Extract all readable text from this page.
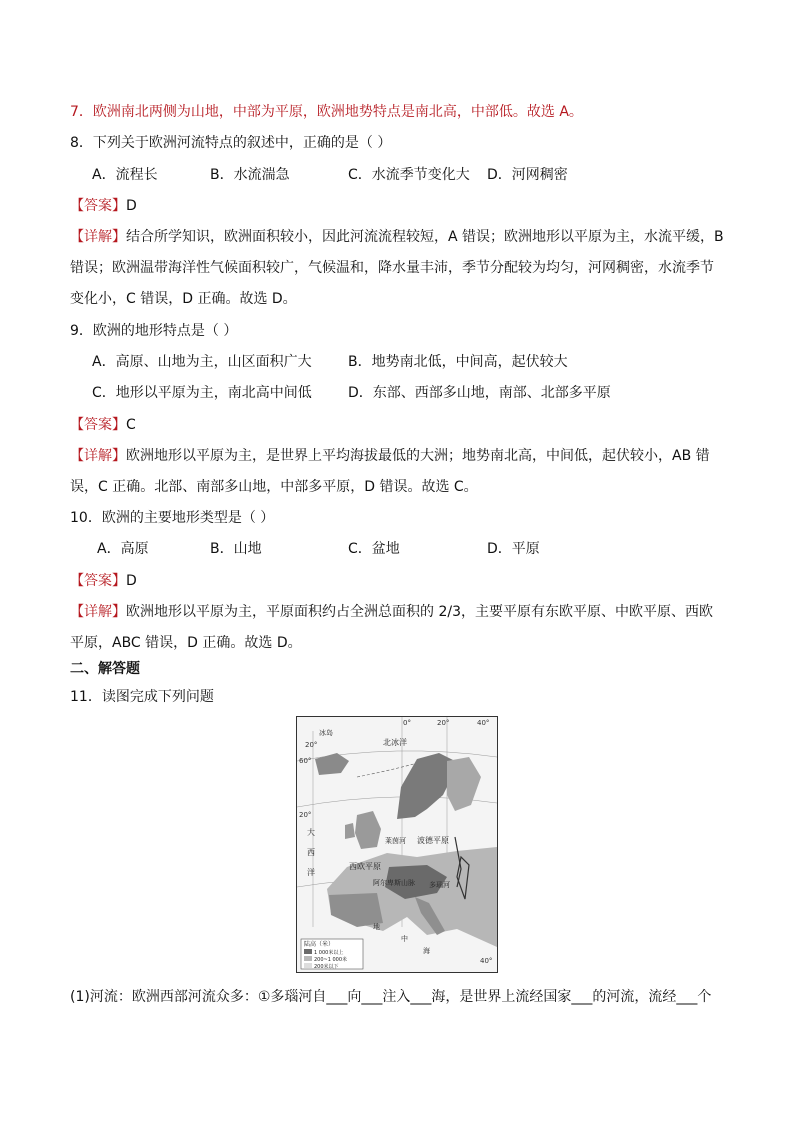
7．欧洲南北两侧为山地，中部为平原，欧洲地势特点是南北高，中部低。故选 A。
8．下列关于欧洲河流特点的叙述中，正确的是（ ）
A．流程长	B．水流湍急	C．水流季节变化大 D．河网稠密
【答案】D
【详解】结合所学知识，欧洲面积较小，因此河流流程较短，A 错误；欧洲地形以平原为主，水流平缓，B 错误；欧洲温带海洋性气候面积较广，气候温和，降水量丰沛，季节分配较为均匀，河网稠密，水流季节变化小，C 错误，D 正确。故选 D。
9．欧洲的地形特点是（ ）
A．高原、山地为主，山区面积广大	B．地势南北低，中间高，起伏较大
C．地形以平原为主，南北高中间低	D．东部、西部多山地，南部、北部多平原
【答案】C
【详解】欧洲地形以平原为主，是世界上平均海拔最低的大洲；地势南北高，中间低，起伏较小，AB 错误，C 正确。北部、南部多山地，中部多平原，D 错误。故选 C。
10．欧洲的主要地形类型是（ ）
A．高原	B．山地	C．盆地	D．平原
【答案】D
【详解】欧洲地形以平原为主，平原面积约占全洲总面积的 2/3，主要平原有东欧平原、中欧平原、西欧平原，ABC 错误，D 正确。故选 D。
二、解答题
11．读图完成下列问题
20°
0°	20°	40°
60°
20°
40°
北冰洋
冰岛
大
西
洋
西欧平原
波德平原
莱茵河
阿尔卑斯山脉 多瑙河
地
中
海
陆高（米）
1 000米以上
200~1 000米
200米以下
(1)河流：欧洲西部河流众多：①多瑙河自___向___注入___海，是世界上流经国家___的河流，流经___个
